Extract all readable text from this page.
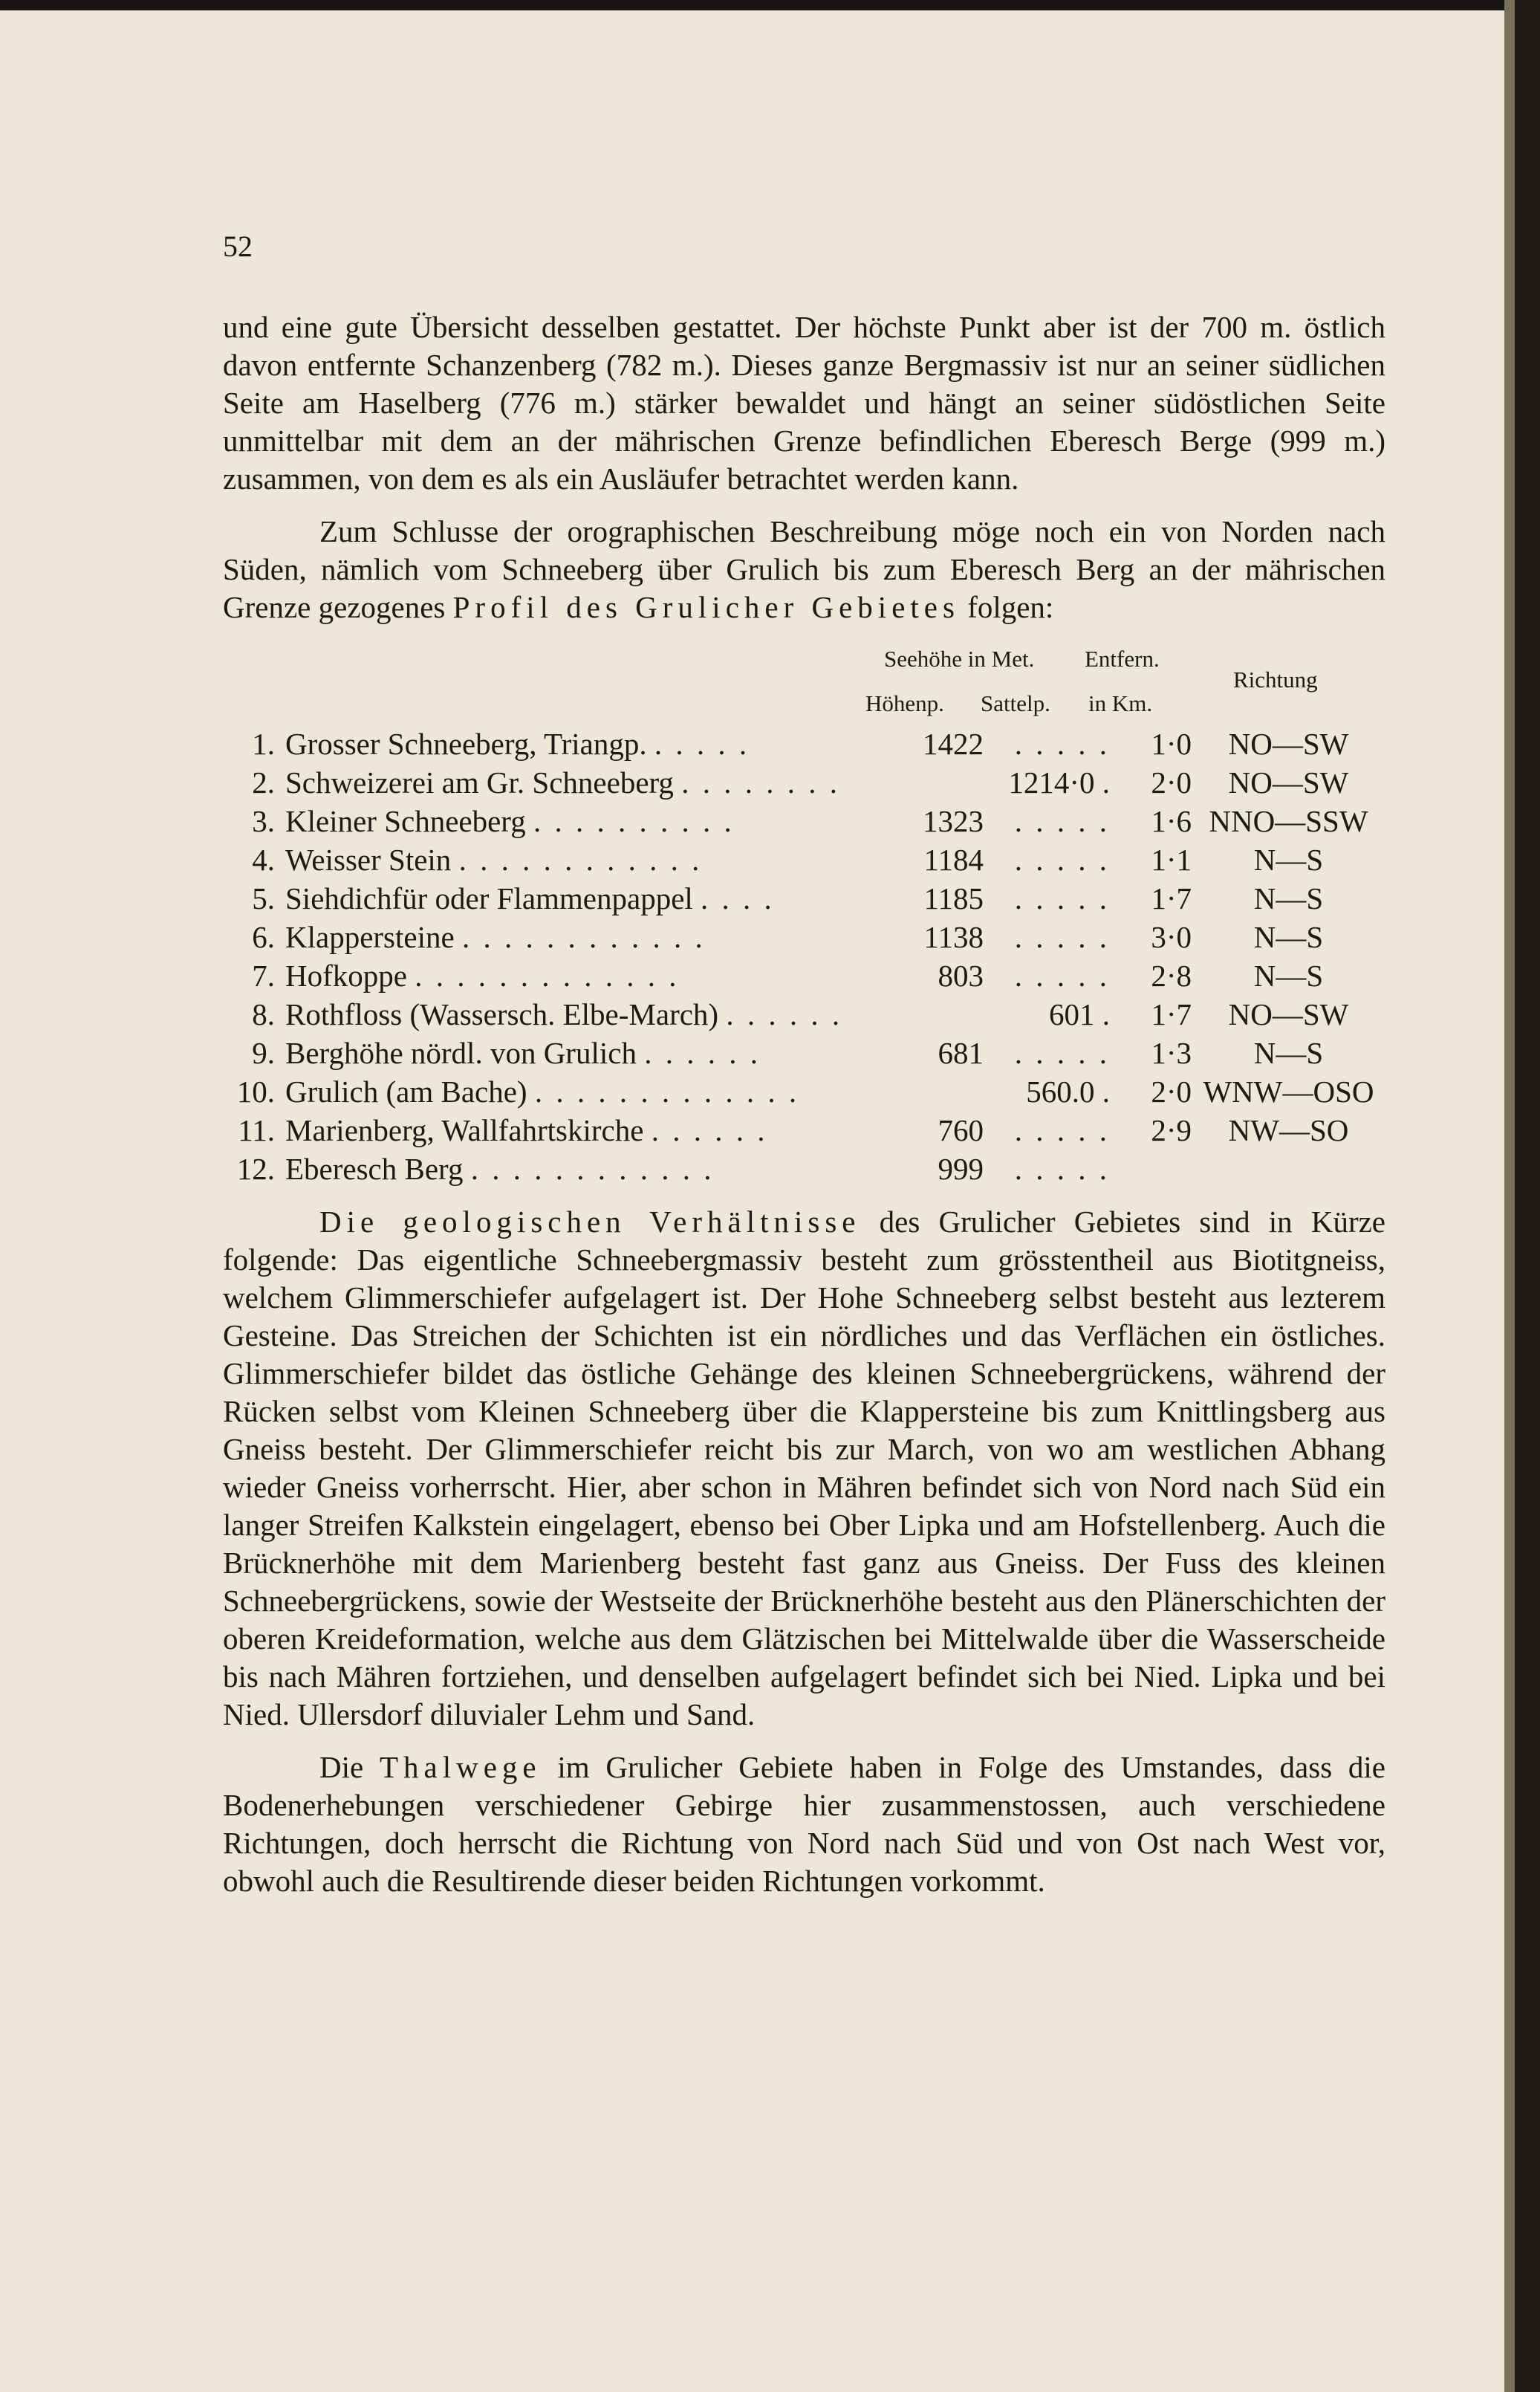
52

und eine gute Übersicht desselben gestattet. Der höchste Punkt aber ist der 700 m. östlich davon entfernte Schanzenberg (782 m.). Dieses ganze Bergmassiv ist nur an seiner südlichen Seite am Haselberg (776 m.) stärker bewaldet und hängt an seiner südöstlichen Seite unmittelbar mit dem an der mährischen Grenze befindlichen Eberesch Berge (999 m.) zusammen, von dem es als ein Ausläufer betrachtet werden kann.

Zum Schlusse der orographischen Beschreibung möge noch ein von Norden nach Süden, nämlich vom Schneeberg über Grulich bis zum Eberesch Berg an der mährischen Grenze gezogenes Profil des Grulicher Gebietes folgen:

Seehöhe in Met. Entfern.
Richtung
Höhenp. Sattelp. in Km.
1.	Grosser Schneeberg, Triangp. . . . . .	1422	. . . . .	1·0	NO—SW
2.	Schweizerei am Gr. Schneeberg . . . . . . . .		1214·0 .	2·0	NO—SW
3.	Kleiner Schneeberg . . . . . . . . . .	1323	. . . . .	1·6	NNO—SSW
4.	Weisser Stein . . . . . . . . . . . .	1184	. . . . .	1·1	N—S
5.	Siehdichfür oder Flammenpappel . . . .	1185	. . . . .	1·7	N—S
6.	Klappersteine . . . . . . . . . . . .	1138	. . . . .	3·0	N—S
7.	Hofkoppe . . . . . . . . . . . . .	803	. . . . .	2·8	N—S
8.	Rothfloss (Wassersch. Elbe-March) . . . . . .		601 .	1·7	NO—SW
9.	Berghöhe nördl. von Grulich . . . . . .	681	. . . . .	1·3	N—S
10.	Grulich (am Bache) . . . . . . . . . . . . .		560.0 .	2·0	WNW—OSO
11.	Marienberg, Wallfahrtskirche . . . . . .	760	. . . . .	2·9	NW—SO
12.	Eberesch Berg . . . . . . . . . . . .	999	. . . . .		

Die geologischen Verhältnisse des Grulicher Gebietes sind in Kürze folgende: Das eigentliche Schneebergmassiv besteht zum grösstentheil aus Biotitgneiss, welchem Glimmerschiefer aufgelagert ist. Der Hohe Schneeberg selbst besteht aus lezterem Gesteine. Das Streichen der Schichten ist ein nördliches und das Verflächen ein östliches. Glimmerschiefer bildet das östliche Gehänge des kleinen Schneebergrückens, während der Rücken selbst vom Kleinen Schneeberg über die Klappersteine bis zum Knittlingsberg aus Gneiss besteht. Der Glimmerschiefer reicht bis zur March, von wo am westlichen Abhang wieder Gneiss vorherrscht. Hier, aber schon in Mähren befindet sich von Nord nach Süd ein langer Streifen Kalkstein eingelagert, ebenso bei Ober Lipka und am Hofstellenberg. Auch die Brücknerhöhe mit dem Marienberg besteht fast ganz aus Gneiss. Der Fuss des kleinen Schneebergrückens, sowie der Westseite der Brücknerhöhe besteht aus den Plänerschichten der oberen Kreideformation, welche aus dem Glätzischen bei Mittelwalde über die Wasserscheide bis nach Mähren fortziehen, und denselben aufgelagert befindet sich bei Nied. Lipka und bei Nied. Ullersdorf diluvialer Lehm und Sand.

Die Thalwege im Grulicher Gebiete haben in Folge des Umstandes, dass die Bodenerhebungen verschiedener Gebirge hier zusammenstossen, auch verschiedene Richtungen, doch herrscht die Richtung von Nord nach Süd und von Ost nach West vor, obwohl auch die Resultirende dieser beiden Richtungen vorkommt.
